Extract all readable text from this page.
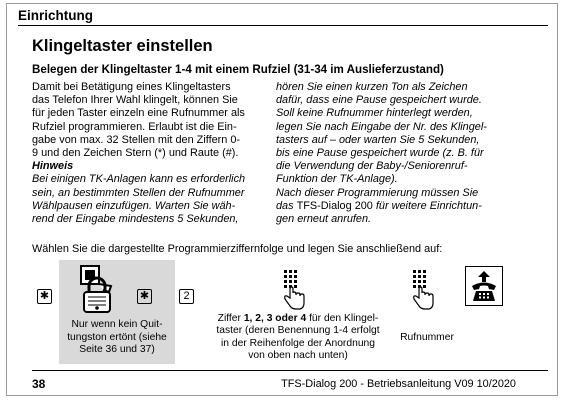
Einrichtung
Klingeltaster einstellen
Belegen der Klingeltaster 1-4 mit einem Rufziel (31-34 im Auslieferzustand)

Damit bei Betätigung eines Klingeltasters
das Telefon Ihrer Wahl klingelt, können Sie
für jeden Taster einzeln eine Rufnummer als
Rufziel programmieren. Erlaubt ist die Ein-
gabe von max. 32 Stellen mit den Ziffern 0-
9 und den Zeichen Stern (*) und Raute (#).

Hinweis

Bei einigen TK-Anlagen kann es erforderlich
sein, an bestimmten Stellen der Rufnummer
Wählpausen einzufügen. Warten Sie wäh-
rend der Eingabe mindestens 5 Sekunden,

hören Sie einen kurzen Ton als Zeichen
dafür, dass eine Pause gespeichert wurde.

Soll keine Rufnummer hinterlegt werden,
legen Sie nach Eingabe der Nr. des Klingel-
tasters auf – oder warten Sie 5 Sekunden,
bis eine Pause gespeichert wurde (z. B. für
die Verwendung der Baby-/Seniorenruf-
Funktion der TK-Anlage).

Nach dieser Programmierung müssen Sie
das TFS-Dialog 200 für weitere Einrichtun-
gen erneut anrufen.

Wählen Sie die dargestellte Programmierziffernfolge und legen Sie anschließend auf:
✱	✱
Nur wenn kein Quit-
tungston ertönt (siehe
Seite 36 und 37)
2
Ziffer 1, 2, 3 oder 4 für den Klingel-
taster (deren Benennung 1-4 erfolgt
in der Reihenfolge der Anordnung
von oben nach unten)
Rufnummer
38	TFS-Dialog 200 - Betriebsanleitung V09 10/2020
